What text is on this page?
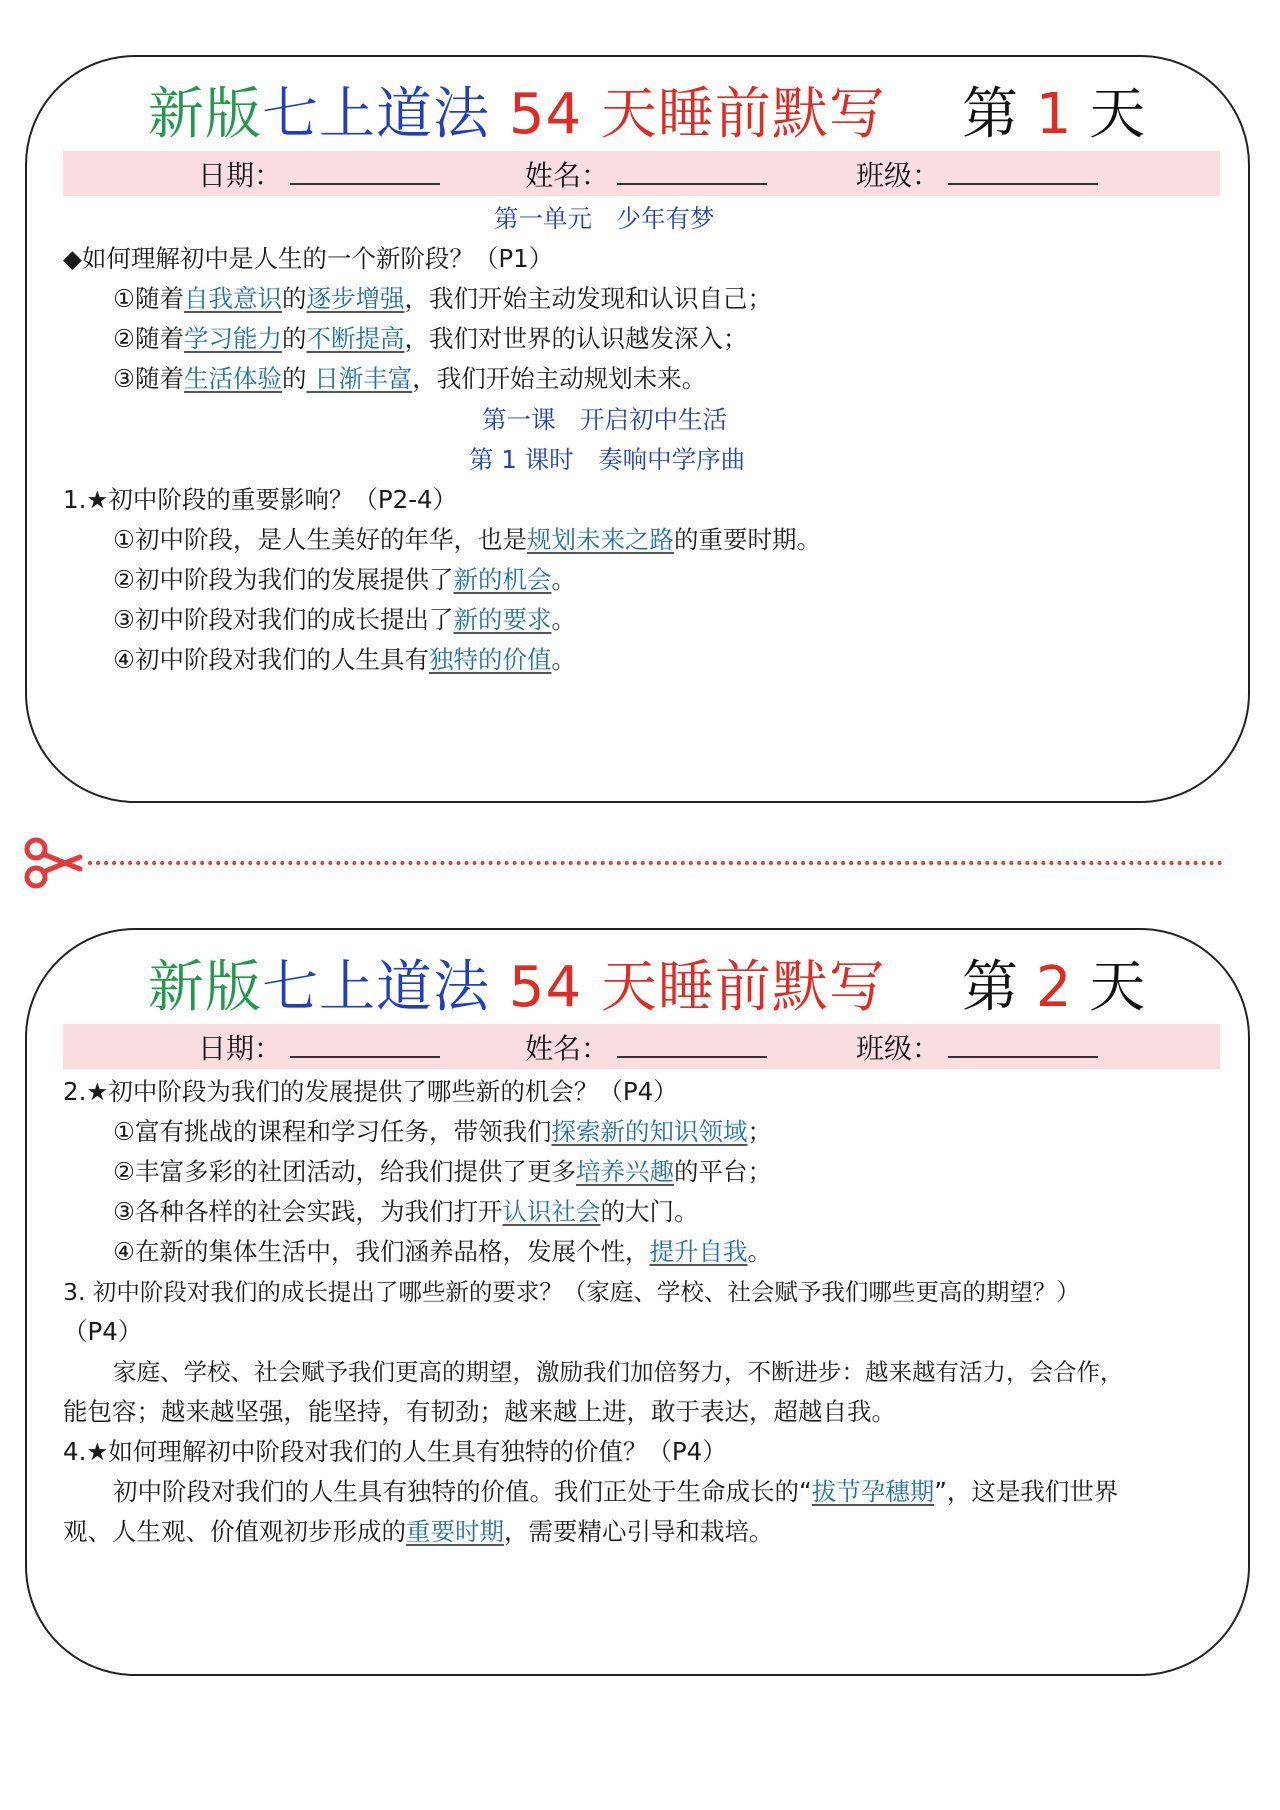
新版七上道法 54 天睡前默写 第 1 天
日期：	姓名：	班级：
第一单元　少年有梦
◆如何理解初中是人生的一个新阶段？（P1）
①随着自我意识的逐步增强，我们开始主动发现和认识自己；
②随着学习能力的不断提高，我们对世界的认识越发深入；
③随着生活体验的 日渐丰富，我们开始主动规划未来。
第一课　开启初中生活
第 1 课时　奏响中学序曲
1.★初中阶段的重要影响？（P2-4）
①初中阶段，是人生美好的年华，也是规划未来之路的重要时期。
②初中阶段为我们的发展提供了新的机会。
③初中阶段对我们的成长提出了新的要求。
④初中阶段对我们的人生具有独特的价值。
新版七上道法 54 天睡前默写 第 2 天
日期：	姓名：	班级：
2.★初中阶段为我们的发展提供了哪些新的机会？（P4）
①富有挑战的课程和学习任务，带领我们探索新的知识领域；
②丰富多彩的社团活动，给我们提供了更多培养兴趣的平台；
③各种各样的社会实践，为我们打开认识社会的大门。
④在新的集体生活中，我们涵养品格，发展个性，提升自我。
3. 初中阶段对我们的成长提出了哪些新的要求？（家庭、学校、社会赋予我们哪些更高的期望？）
（P4）
家庭、学校、社会赋予我们更高的期望，激励我们加倍努力，不断进步：越来越有活力，会合作，
能包容；越来越坚强，能坚持，有韧劲；越来越上进，敢于表达，超越自我。
4.★如何理解初中阶段对我们的人生具有独特的价值？（P4）
初中阶段对我们的人生具有独特的价值。我们正处于生命成长的“拔节孕穗期”，这是我们世界
观、人生观、价值观初步形成的重要时期，需要精心引导和栽培。
